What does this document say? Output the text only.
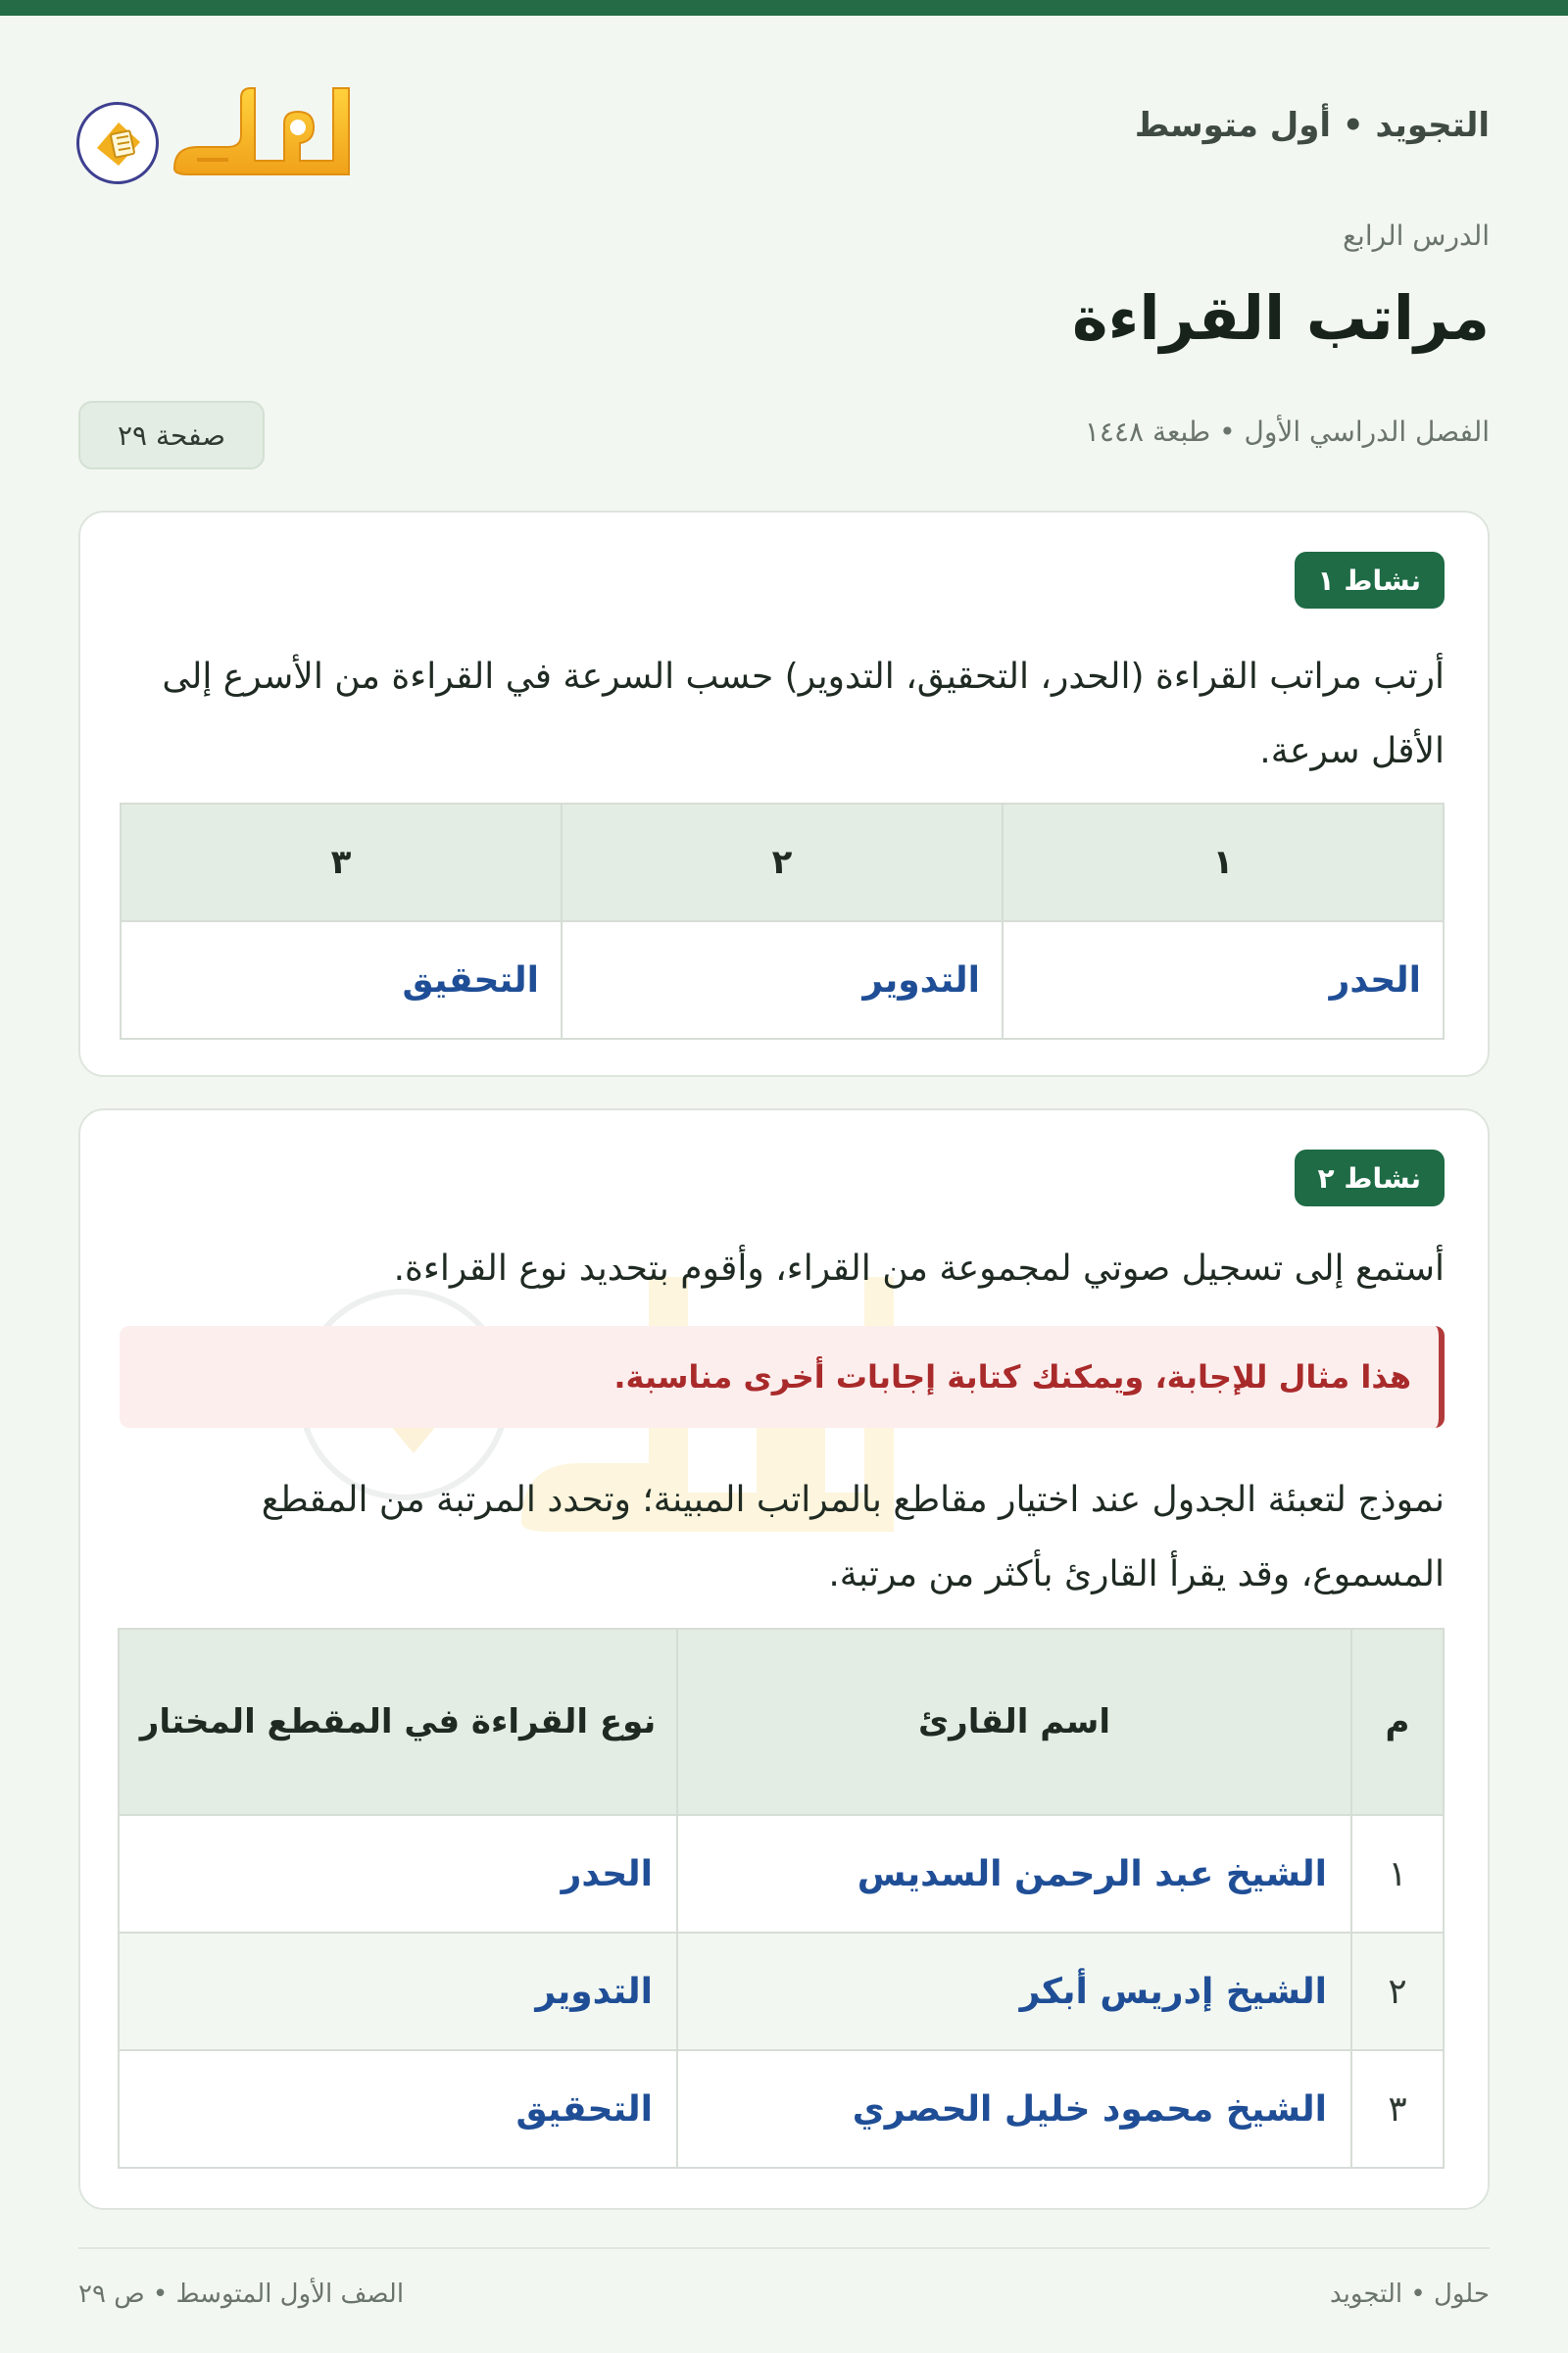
التجويد • أول متوسط
الدرس الرابع
مراتب القراءة
الفصل الدراسي الأول • طبعة ١٤٤٨
صفحة ٢٩
نشاط ١
أرتب مراتب القراءة (الحدر، التحقيق، التدوير) حسب السرعة في القراءة من الأسرع إلى الأقل سرعة.
١	٢	٣
الحدر	التدوير	التحقيق
نشاط ٢
أستمع إلى تسجيل صوتي لمجموعة من القراء، وأقوم بتحديد نوع القراءة.
هذا مثال للإجابة، ويمكنك كتابة إجابات أخرى مناسبة.
نموذج لتعبئة الجدول عند اختيار مقاطع بالمراتب المبينة؛ وتحدد المرتبة من المقطع المسموع، وقد يقرأ القارئ بأكثر من مرتبة.
م	اسم القارئ	نوع القراءة في المقطع المختار
١	الشيخ عبد الرحمن السديس	الحدر
٢	الشيخ إدريس أبكر	التدوير
٣	الشيخ محمود خليل الحصري	التحقيق
حلول • التجويد
الصف الأول المتوسط • ص ٢٩
